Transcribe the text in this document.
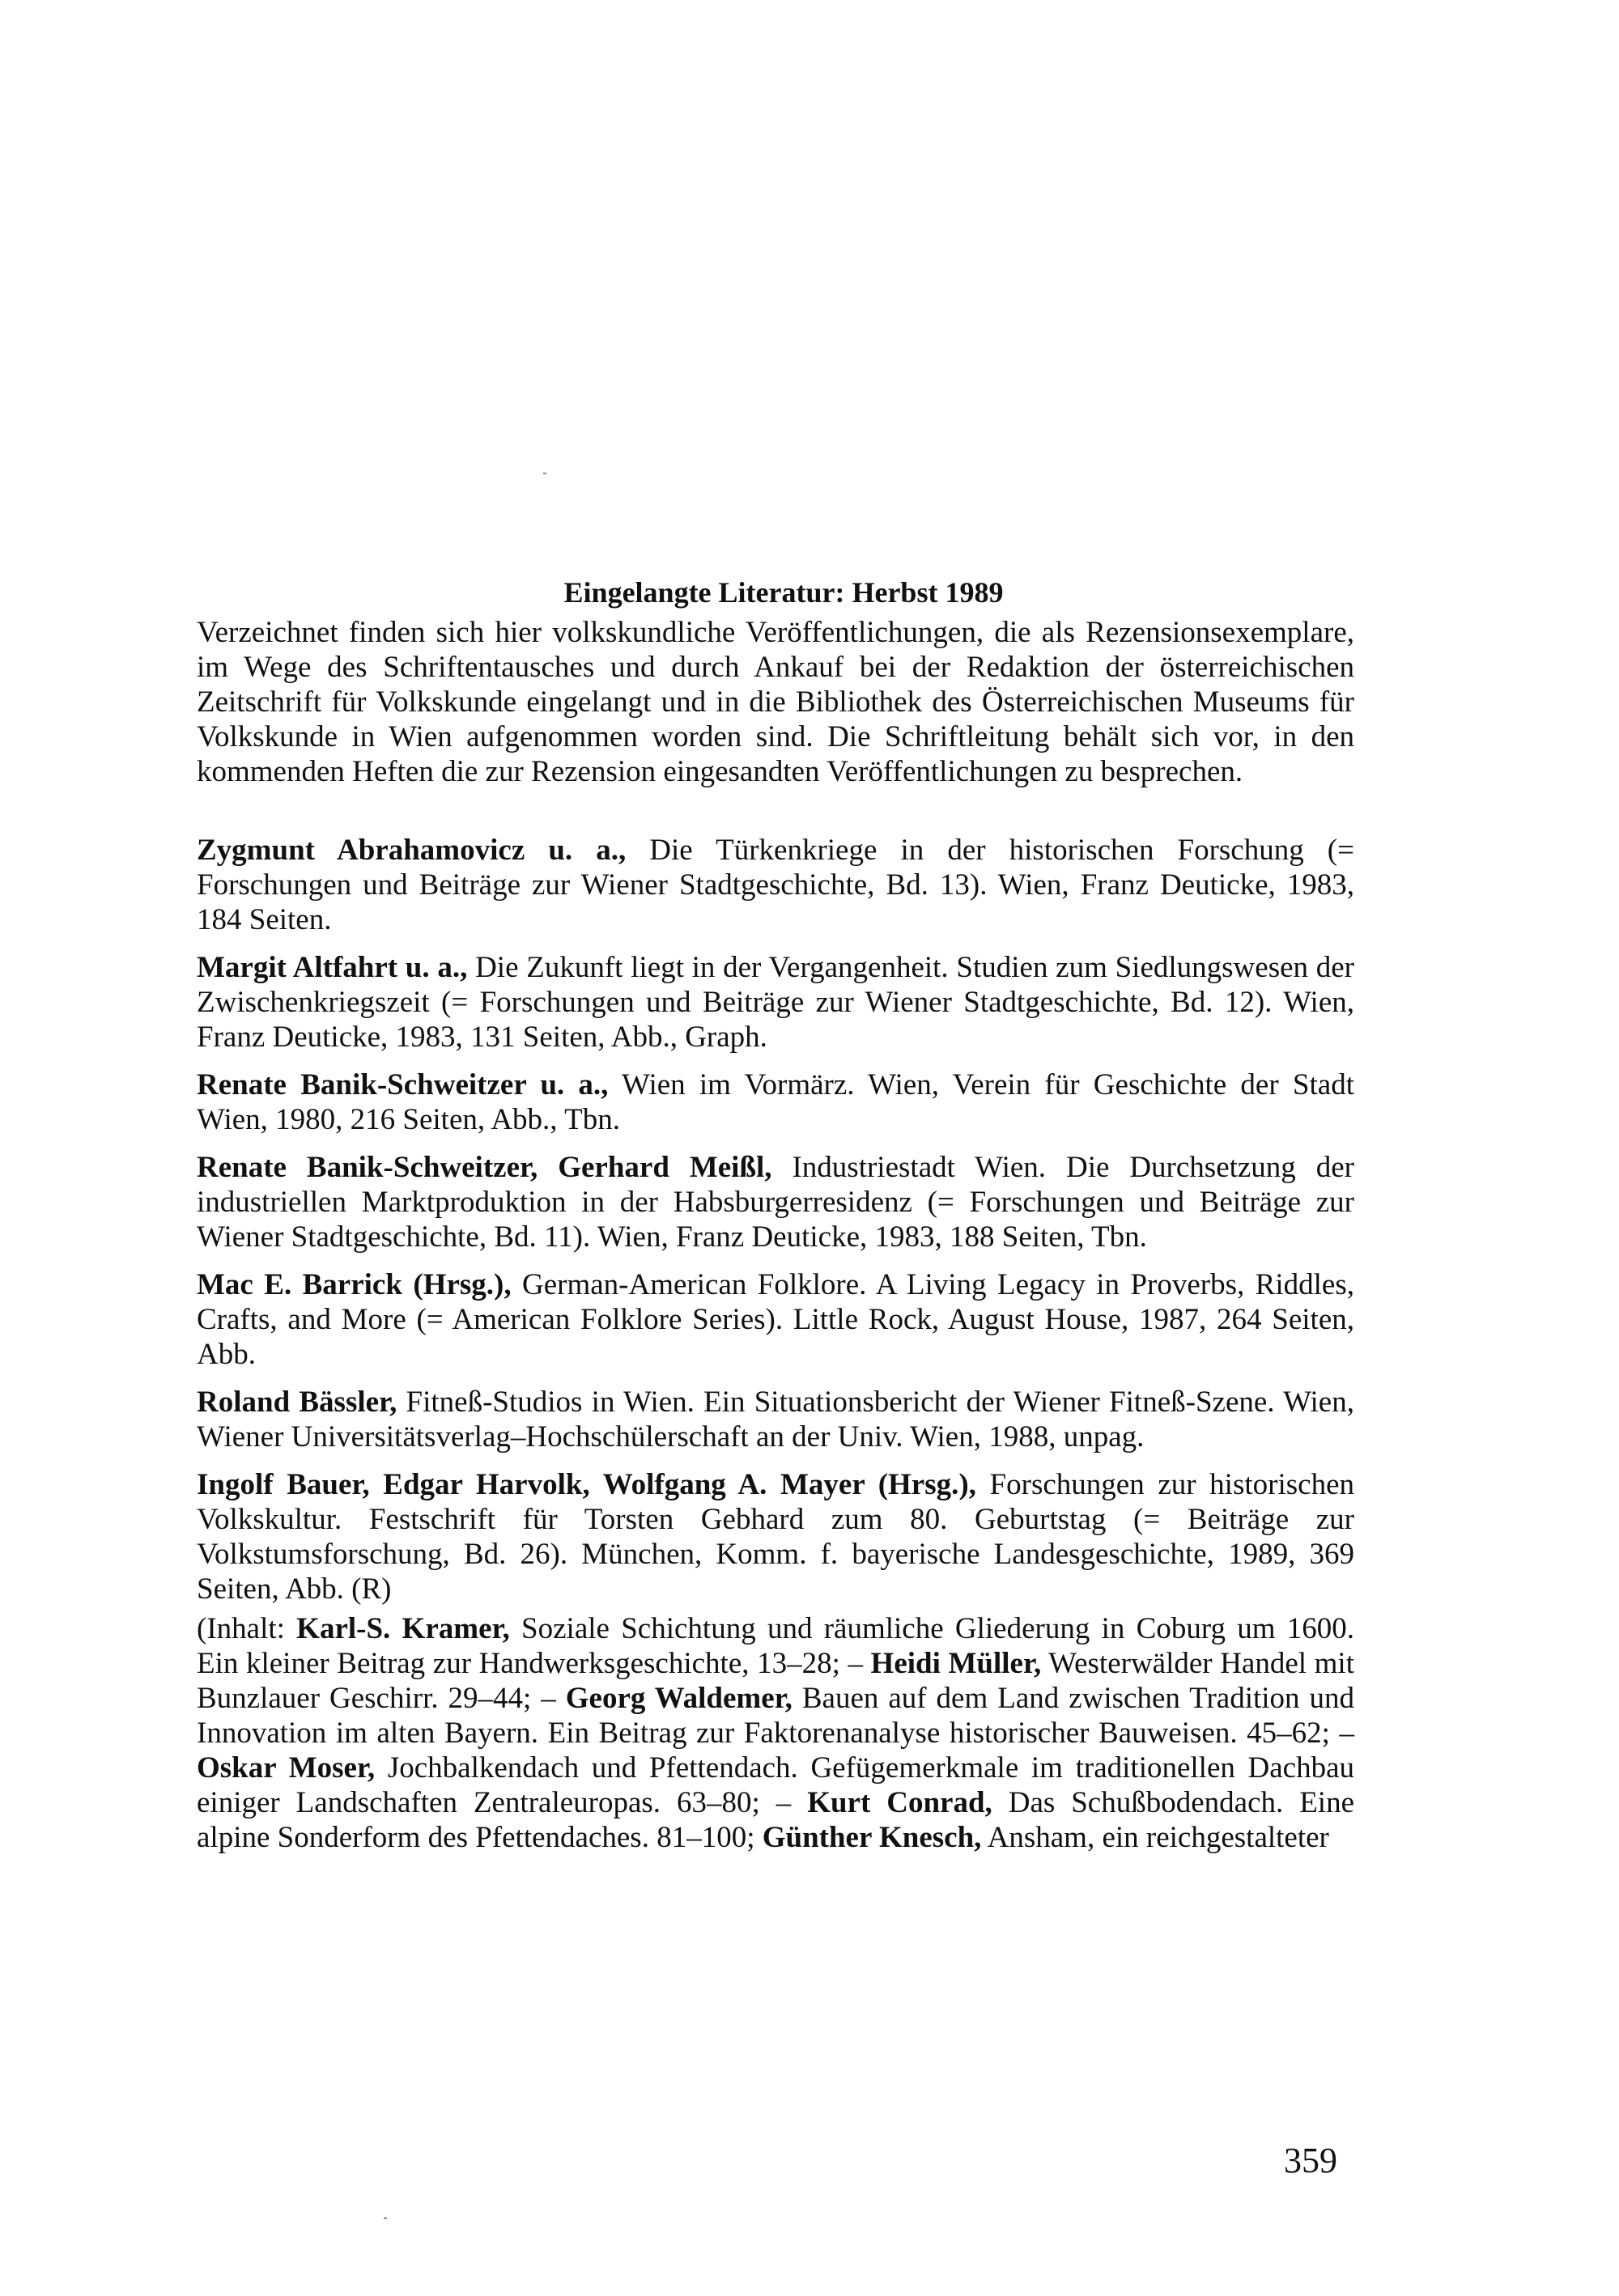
Eingelangte Literatur: Herbst 1989

Verzeichnet finden sich hier volkskundliche Veröffentlichungen, die als Rezensionsexemplare, im Wege des Schriftentausches und durch Ankauf bei der Redaktion der österreichischen Zeitschrift für Volkskunde eingelangt und in die Bibliothek des Österreichischen Museums für Volkskunde in Wien aufgenommen worden sind. Die Schriftleitung behält sich vor, in den kommenden Heften die zur Rezension eingesandten Veröffentlichungen zu besprechen.

Zygmunt Abrahamovicz u. a., Die Türkenkriege in der historischen Forschung (= Forschungen und Beiträge zur Wiener Stadtgeschichte, Bd. 13). Wien, Franz Deuticke, 1983, 184 Seiten.

Margit Altfahrt u. a., Die Zukunft liegt in der Vergangenheit. Studien zum Siedlungswesen der Zwischenkriegszeit (= Forschungen und Beiträge zur Wiener Stadtgeschichte, Bd. 12). Wien, Franz Deuticke, 1983, 131 Seiten, Abb., Graph.

Renate Banik-Schweitzer u. a., Wien im Vormärz. Wien, Verein für Geschichte der Stadt Wien, 1980, 216 Seiten, Abb., Tbn.

Renate Banik-Schweitzer, Gerhard Meißl, Industriestadt Wien. Die Durchsetzung der industriellen Marktproduktion in der Habsburgerresidenz (= Forschungen und Beiträge zur Wiener Stadtgeschichte, Bd. 11). Wien, Franz Deuticke, 1983, 188 Seiten, Tbn.

Mac E. Barrick (Hrsg.), German-American Folklore. A Living Legacy in Proverbs, Riddles, Crafts, and More (= American Folklore Series). Little Rock, August House, 1987, 264 Seiten, Abb.

Roland Bässler, Fitneß-Studios in Wien. Ein Situationsbericht der Wiener Fitneß-Szene. Wien, Wiener Universitätsverlag–Hochschülerschaft an der Univ. Wien, 1988, unpag.

Ingolf Bauer, Edgar Harvolk, Wolfgang A. Mayer (Hrsg.), Forschungen zur historischen Volkskultur. Festschrift für Torsten Gebhard zum 80. Geburtstag (= Beiträge zur Volkstumsforschung, Bd. 26). München, Komm. f. bayerische Landesgeschichte, 1989, 369 Seiten, Abb. (R)

(Inhalt: Karl-S. Kramer, Soziale Schichtung und räumliche Gliederung in Coburg um 1600. Ein kleiner Beitrag zur Handwerksgeschichte, 13–28; – Heidi Müller, Westerwälder Handel mit Bunzlauer Geschirr. 29–44; – Georg Waldemer, Bauen auf dem Land zwischen Tradition und Innovation im alten Bayern. Ein Beitrag zur Faktorenanalyse historischer Bauweisen. 45–62; – Oskar Moser, Jochbalkendach und Pfettendach. Gefügemerkmale im traditionellen Dachbau einiger Landschaften Zentraleuropas. 63–80; – Kurt Conrad, Das Schußbodendach. Eine alpine Sonderform des Pfettendaches. 81–100; Günther Knesch, Ansham, ein reichgestalteter

359
